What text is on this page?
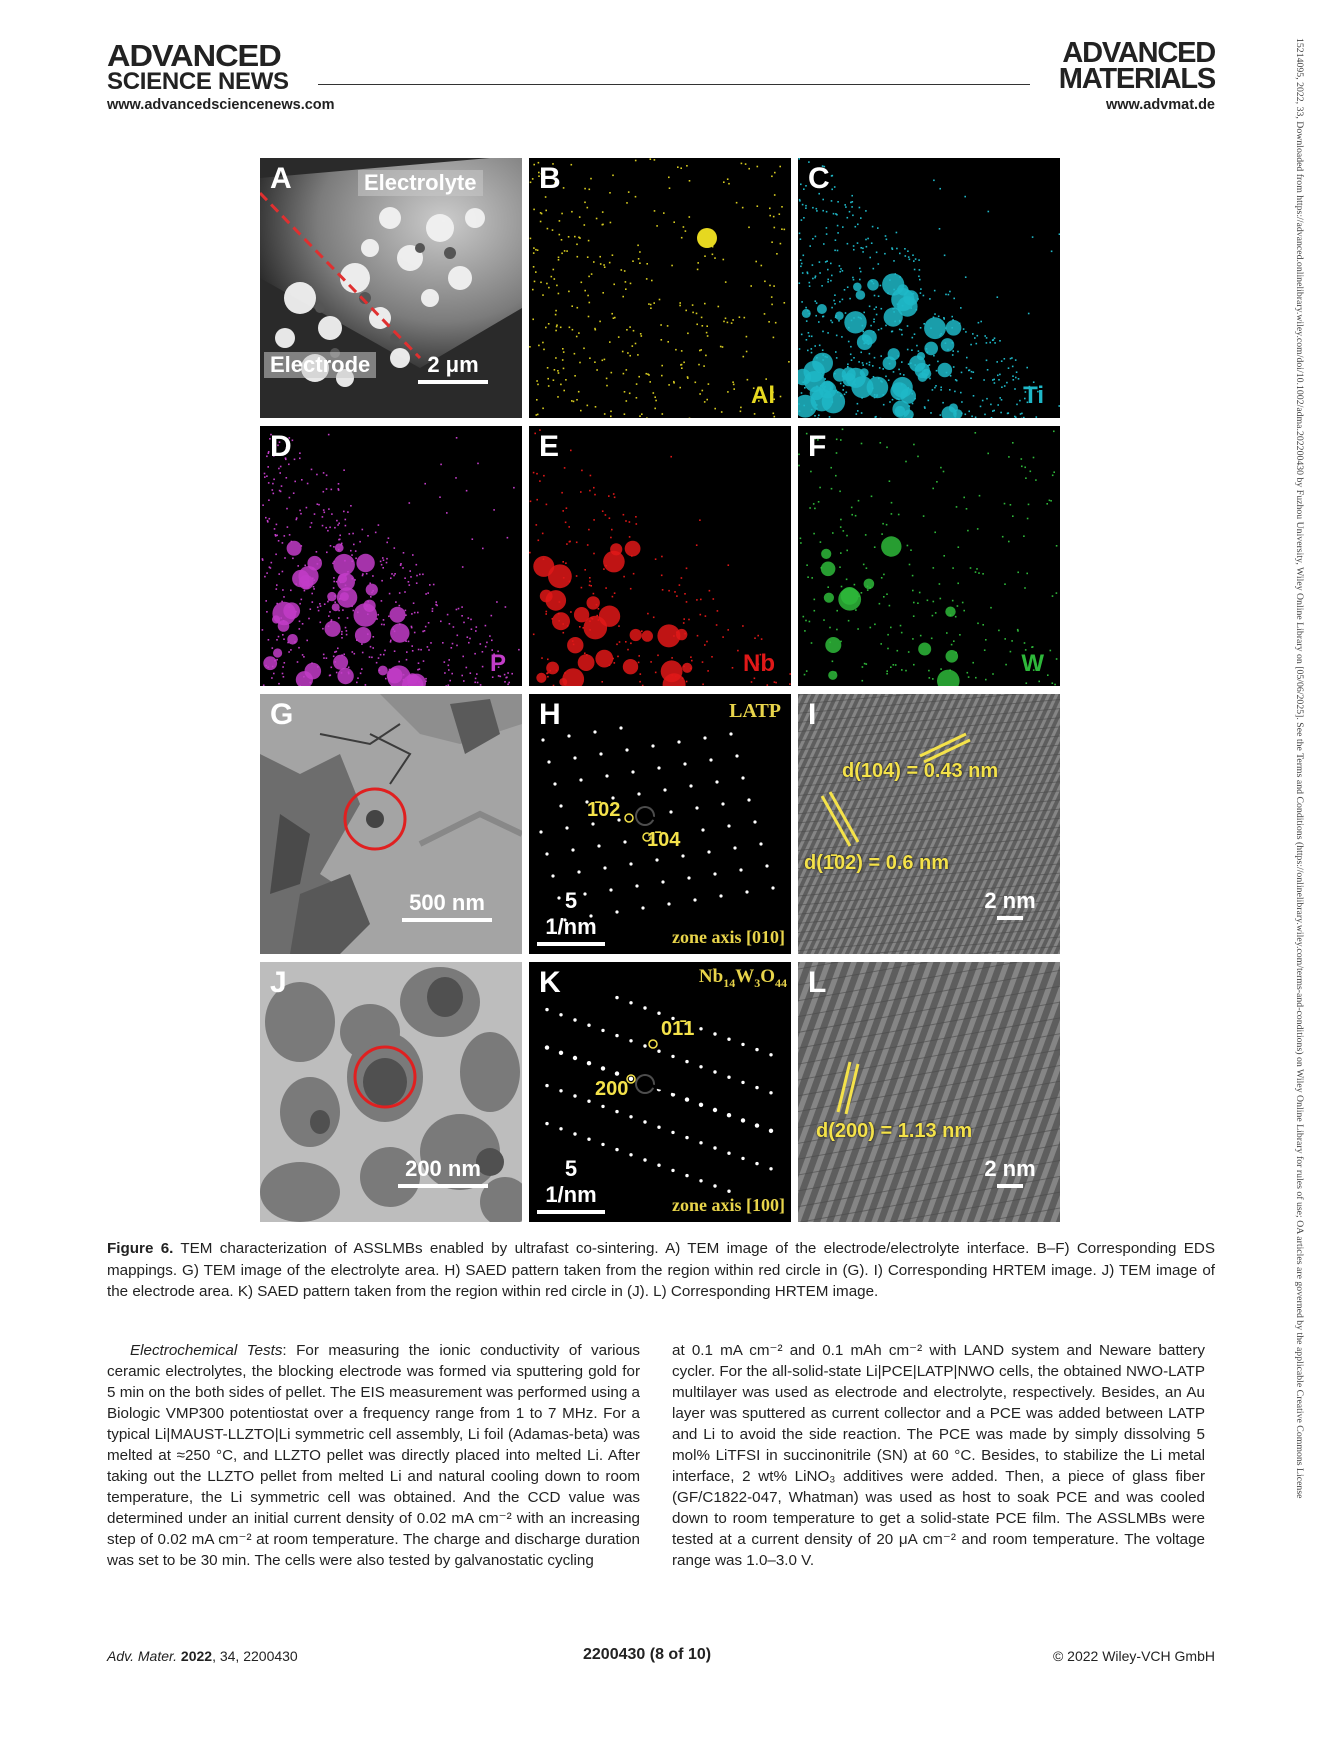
ADVANCED
SCIENCE NEWS
ADVANCED
MATERIALS
www.advancedsciencenews.com	www.advmat.de	15214095, 2022, 33, Downloaded from https://advanced.onlinelibrary.wiley.com/doi/10.1002/adma.202200430 by Fuzhou University, Wiley Online Library on [05/06/2025]. See the Terms and Conditions (https://onlinelibrary.wiley.com/terms-and-conditions) on Wiley Online Library for rules of use; OA articles are governed by the applicable Creative Commons License
A	Electrolyte
Electrode	2 μm
B
Al
C
Ti
D
P
E
Nb
F
W
G
500 nm
H	LATP
1̄02
1̄04
5 1/nm	zone axis [010]
I
d(104) = 0.43 nm
d(1̄02) = 0.6 nm
2 nm
J
200 nm
K	$Nb_{14}W_3O_{44}$
01̄1
200
5 1/nm	zone axis [100]
L
d(200) = 1.13 nm
2 nm
Figure 6. TEM characterization of ASSLMBs enabled by ultrafast co-sintering. A) TEM image of the electrode/electrolyte interface. B–F) Corresponding EDS mappings. G) TEM image of the electrolyte area. H) SAED pattern taken from the region within red circle in (G). I) Corresponding HRTEM image. J) TEM image of the electrode area. K) SAED pattern taken from the region within red circle in (J). L) Corresponding HRTEM image.
Electrochemical Tests: For measuring the ionic conductivity of various ceramic electrolytes, the blocking electrode was formed via sputtering gold for 5 min on the both sides of pellet. The EIS measurement was performed using a Biologic VMP300 potentiostat over a frequency range from 1 to 7 MHz. For a typical Li|MAUST-LLZTO|Li symmetric cell assembly, Li foil (Adamas-beta) was melted at ≈250 °C, and LLZTO pellet was directly placed into melted Li. After taking out the LLZTO pellet from melted Li and natural cooling down to room temperature, the Li symmetric cell was obtained. And the CCD value was determined under an initial current density of 0.02 mA cm⁻² with an increasing step of 0.02 mA cm⁻² at room temperature. The charge and discharge duration was set to be 30 min. The cells were also tested by galvanostatic cycling
at 0.1 mA cm⁻² and 0.1 mAh cm⁻² with LAND system and Neware battery cycler. For the all-solid-state Li|PCE|LATP|NWO cells, the obtained NWO-LATP multilayer was used as electrode and electrolyte, respectively. Besides, an Au layer was sputtered as current collector and a PCE was added between LATP and Li to avoid the side reaction. The PCE was made by simply dissolving 5 mol% LiTFSI in succinonitrile (SN) at 60 °C. Besides, to stabilize the Li metal interface, 2 wt% LiNO₃ additives were added. Then, a piece of glass fiber (GF/C1822-047, Whatman) was used as host to soak PCE and was cooled down to room temperature to get a solid-state PCE film. The ASSLMBs were tested at a current density of 20 μA cm⁻² and room temperature. The voltage range was 1.0–3.0 V.
Adv. Mater. 2022, 34, 2200430	2200430 (8 of 10)	© 2022 Wiley-VCH GmbH
